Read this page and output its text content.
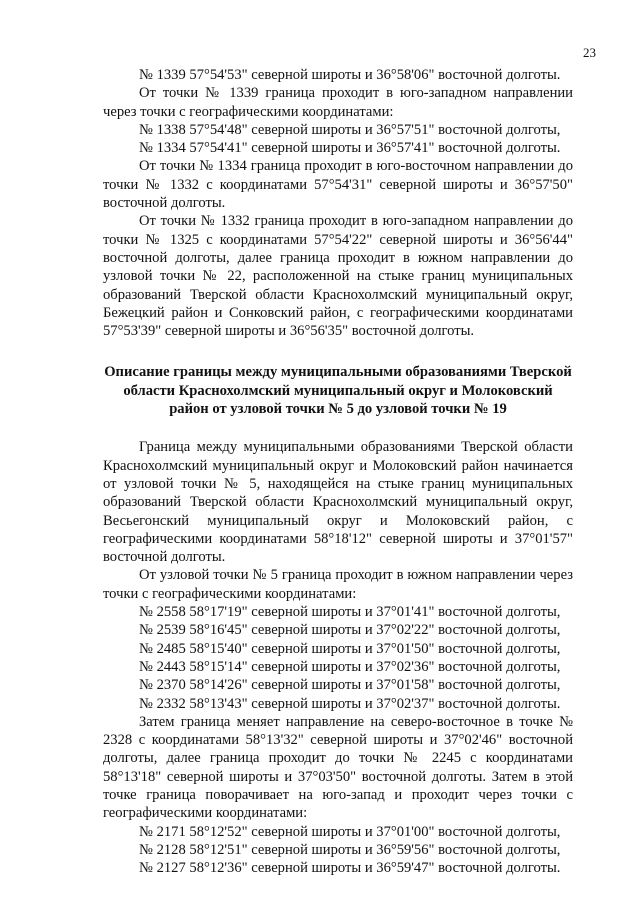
23

№ 1339 57°54'53" северной широты и 36°58'06" восточной долготы.

От точки № 1339 граница проходит в юго-западном направлении через точки с географическими координатами:

№ 1338 57°54'48" северной широты и 36°57'51" восточной долготы,

№ 1334 57°54'41" северной широты и 36°57'41" восточной долготы.

От точки № 1334 граница проходит в юго-восточном направлении до точки № 1332 с координатами 57°54'31" северной широты и 36°57'50" восточной долготы.

От точки № 1332 граница проходит в юго-западном направлении до точки № 1325 с координатами 57°54'22" северной широты и 36°56'44" восточной долготы, далее граница проходит в южном направлении до узловой точки № 22, расположенной на стыке границ муниципальных образований Тверской области Краснохолмский муниципальный округ, Бежецкий район и Сонковский район, с географическими координатами 57°53'39" северной широты и 36°56'35" восточной долготы.

Описание границы между муниципальными образованиями Тверской области Краснохолмский муниципальный округ и Молоковский район от узловой точки № 5 до узловой точки № 19

Граница между муниципальными образованиями Тверской области Краснохолмский муниципальный округ и Молоковский район начинается от узловой точки № 5, находящейся на стыке границ муниципальных образований Тверской области Краснохолмский муниципальный округ, Весьегонский муниципальный округ и Молоковский район, с географическими координатами 58°18'12" северной широты и 37°01'57" восточной долготы.

От узловой точки № 5 граница проходит в южном направлении через точки с географическими координатами:

№ 2558 58°17'19" северной широты и 37°01'41" восточной долготы,

№ 2539 58°16'45" северной широты и 37°02'22" восточной долготы,

№ 2485 58°15'40" северной широты и 37°01'50" восточной долготы,

№ 2443 58°15'14" северной широты и 37°02'36" восточной долготы,

№ 2370 58°14'26" северной широты и 37°01'58" восточной долготы,

№ 2332 58°13'43" северной широты и 37°02'37" восточной долготы.

Затем граница меняет направление на северо-восточное в точке № 2328 с координатами 58°13'32" северной широты и 37°02'46" восточной долготы, далее граница проходит до точки № 2245 с координатами 58°13'18" северной широты и 37°03'50" восточной долготы. Затем в этой точке граница поворачивает на юго-запад и проходит через точки с географическими координатами:

№ 2171 58°12'52" северной широты и 37°01'00" восточной долготы,

№ 2128 58°12'51" северной широты и 36°59'56" восточной долготы,

№ 2127 58°12'36" северной широты и 36°59'47" восточной долготы.
